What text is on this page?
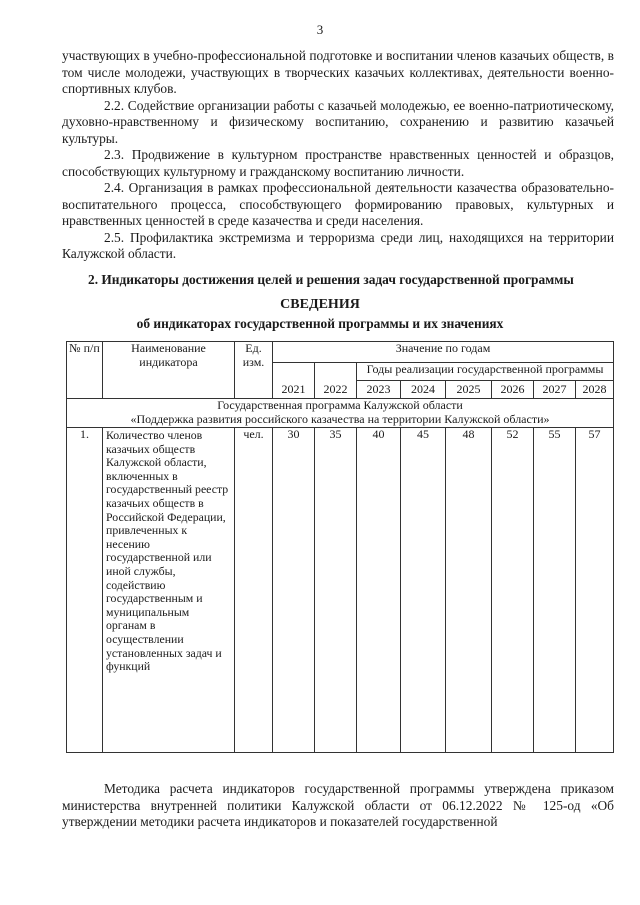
3

участвующих в учебно-профессиональной подготовке и воспитании членов казачьих обществ, в том числе молодежи, участвующих в творческих казачьих коллективах, деятельности военно-спортивных клубов.

2.2. Содействие организации работы с казачьей молодежью, ее военно-патриотическому, духовно-нравственному и физическому воспитанию, сохранению и развитию казачьей культуры.

2.3. Продвижение в культурном пространстве нравственных ценностей и образцов, способствующих культурному и гражданскому воспитанию личности.

2.4. Организация в рамках профессиональной деятельности казачества образовательно-воспитательного процесса, способствующего формированию правовых, культурных и нравственных ценностей в среде казачества и среди населения.

2.5. Профилактика экстремизма и терроризма среди лиц, находящихся на территории Калужской области.

2. Индикаторы достижения целей и решения задач государственной программы
СВЕДЕНИЯ
об индикаторах государственной программы и их значениях
№ п/п	Наименование индикатора	Ед. изм.	Значение по годам							
			2021	2022	Годы реализации государственной программы					
					2023	2024	2025	2026	2027	2028

Государственная программа Калужской области
«Поддержка развития российского казачества на территории Калужской области»										

1.	Количество членов казачьих обществ Калужской области, включенных в государственный реестр казачьих обществ в Российской Федерации, привлеченных к несению государственной или иной службы, содействию государственным и муниципальным органам в осуществлении установленных задач и функций	чел.	30	35	40	45	48	52	55	57

Методика расчета индикаторов государственной программы утверждена приказом министерства внутренней политики Калужской области от 06.12.2022 № 125-од «Об утверждении методики расчета индикаторов и показателей государственной
